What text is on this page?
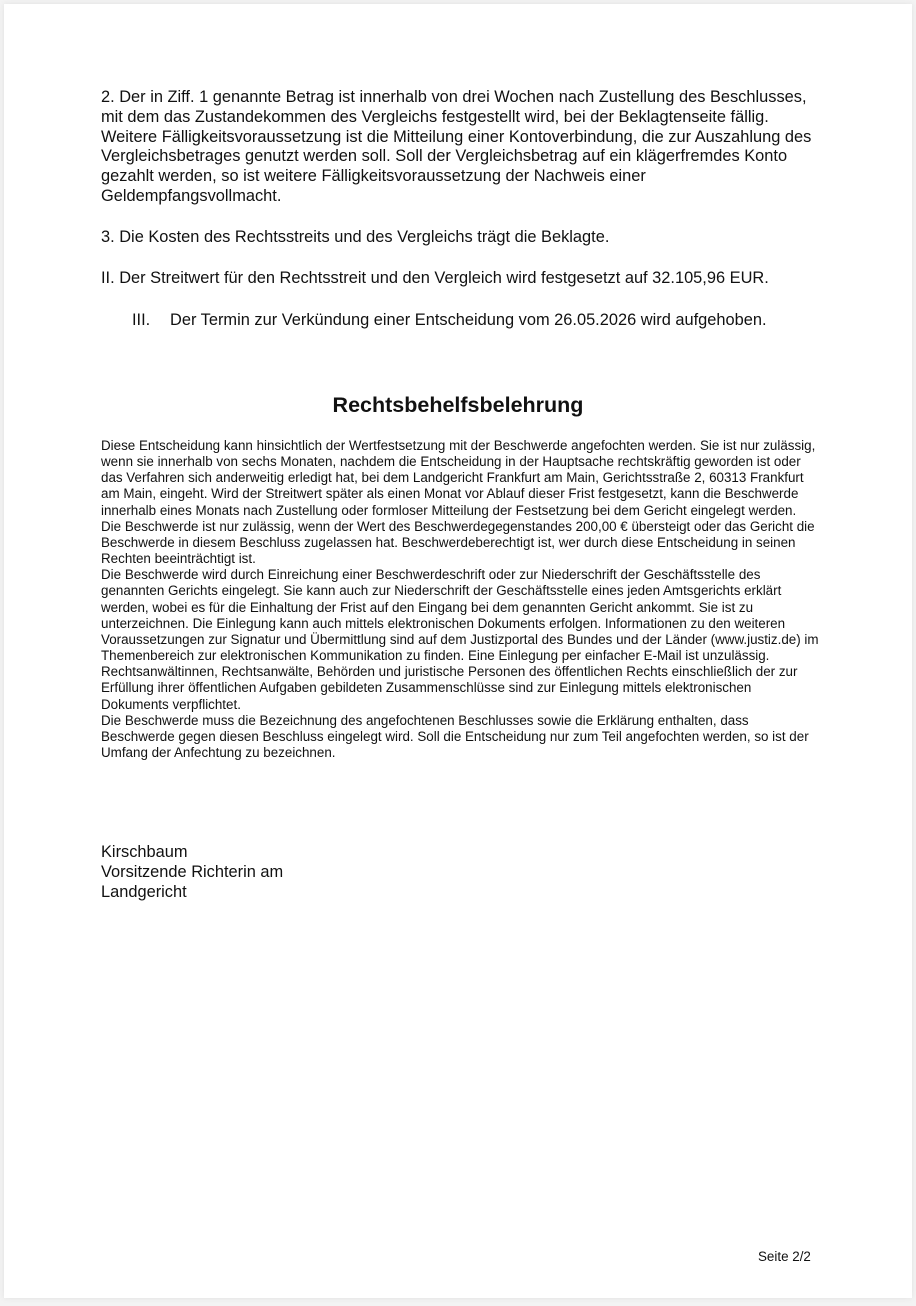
2. Der in Ziff. 1 genannte Betrag ist innerhalb von drei Wochen nach Zustellung des Beschlusses, mit dem das Zustandekommen des Vergleichs festgestellt wird, bei der Beklagtenseite fällig. Weitere Fälligkeitsvoraussetzung ist die Mitteilung einer Kontoverbindung, die zur Auszahlung des Vergleichsbetrages genutzt werden soll. Soll der Vergleichsbetrag auf ein klägerfremdes Konto gezahlt werden, so ist weitere Fälligkeitsvoraussetzung der Nachweis einer Geldempfangsvollmacht.

3. Die Kosten des Rechtsstreits und des Vergleichs trägt die Beklagte.

II. Der Streitwert für den Rechtsstreit und den Vergleich wird festgesetzt auf 32.105,96 EUR.

III. Der Termin zur Verkündung einer Entscheidung vom 26.05.2026 wird aufgehoben.

Rechtsbehelfsbelehrung

Diese Entscheidung kann hinsichtlich der Wertfestsetzung mit der Beschwerde angefochten werden. Sie ist nur zulässig, wenn sie innerhalb von sechs Monaten, nachdem die Entscheidung in der Hauptsache rechtskräftig geworden ist oder das Verfahren sich anderweitig erledigt hat, bei dem Landgericht Frankfurt am Main, Gerichtsstraße 2, 60313 Frankfurt am Main, eingeht. Wird der Streitwert später als einen Monat vor Ablauf dieser Frist festgesetzt, kann die Beschwerde innerhalb eines Monats nach Zustellung oder formloser Mitteilung der Festsetzung bei dem Gericht eingelegt werden.

Die Beschwerde ist nur zulässig, wenn der Wert des Beschwerdegegenstandes 200,00 € übersteigt oder das Gericht die Beschwerde in diesem Beschluss zugelassen hat. Beschwerdeberechtigt ist, wer durch diese Entscheidung in seinen Rechten beeinträchtigt ist.

Die Beschwerde wird durch Einreichung einer Beschwerdeschrift oder zur Niederschrift der Geschäftsstelle des genannten Gerichts eingelegt. Sie kann auch zur Niederschrift der Geschäftsstelle eines jeden Amtsgerichts erklärt werden, wobei es für die Einhaltung der Frist auf den Eingang bei dem genannten Gericht ankommt. Sie ist zu unterzeichnen. Die Einlegung kann auch mittels elektronischen Dokuments erfolgen. Informationen zu den weiteren Voraussetzungen zur Signatur und Übermittlung sind auf dem Justizportal des Bundes und der Länder (www.justiz.de) im Themenbereich zur elektronischen Kommunikation zu finden. Eine Einlegung per einfacher E-Mail ist unzulässig. Rechtsanwältinnen, Rechtsanwälte, Behörden und juristische Personen des öffentlichen Rechts einschließlich der zur Erfüllung ihrer öffentlichen Aufgaben gebildeten Zusammenschlüsse sind zur Einlegung mittels elektronischen Dokuments verpflichtet.

Die Beschwerde muss die Bezeichnung des angefochtenen Beschlusses sowie die Erklärung enthalten, dass Beschwerde gegen diesen Beschluss eingelegt wird. Soll die Entscheidung nur zum Teil angefochten werden, so ist der Umfang der Anfechtung zu bezeichnen.

Kirschbaum
Vorsitzende Richterin am
Landgericht
Seite 2/2
